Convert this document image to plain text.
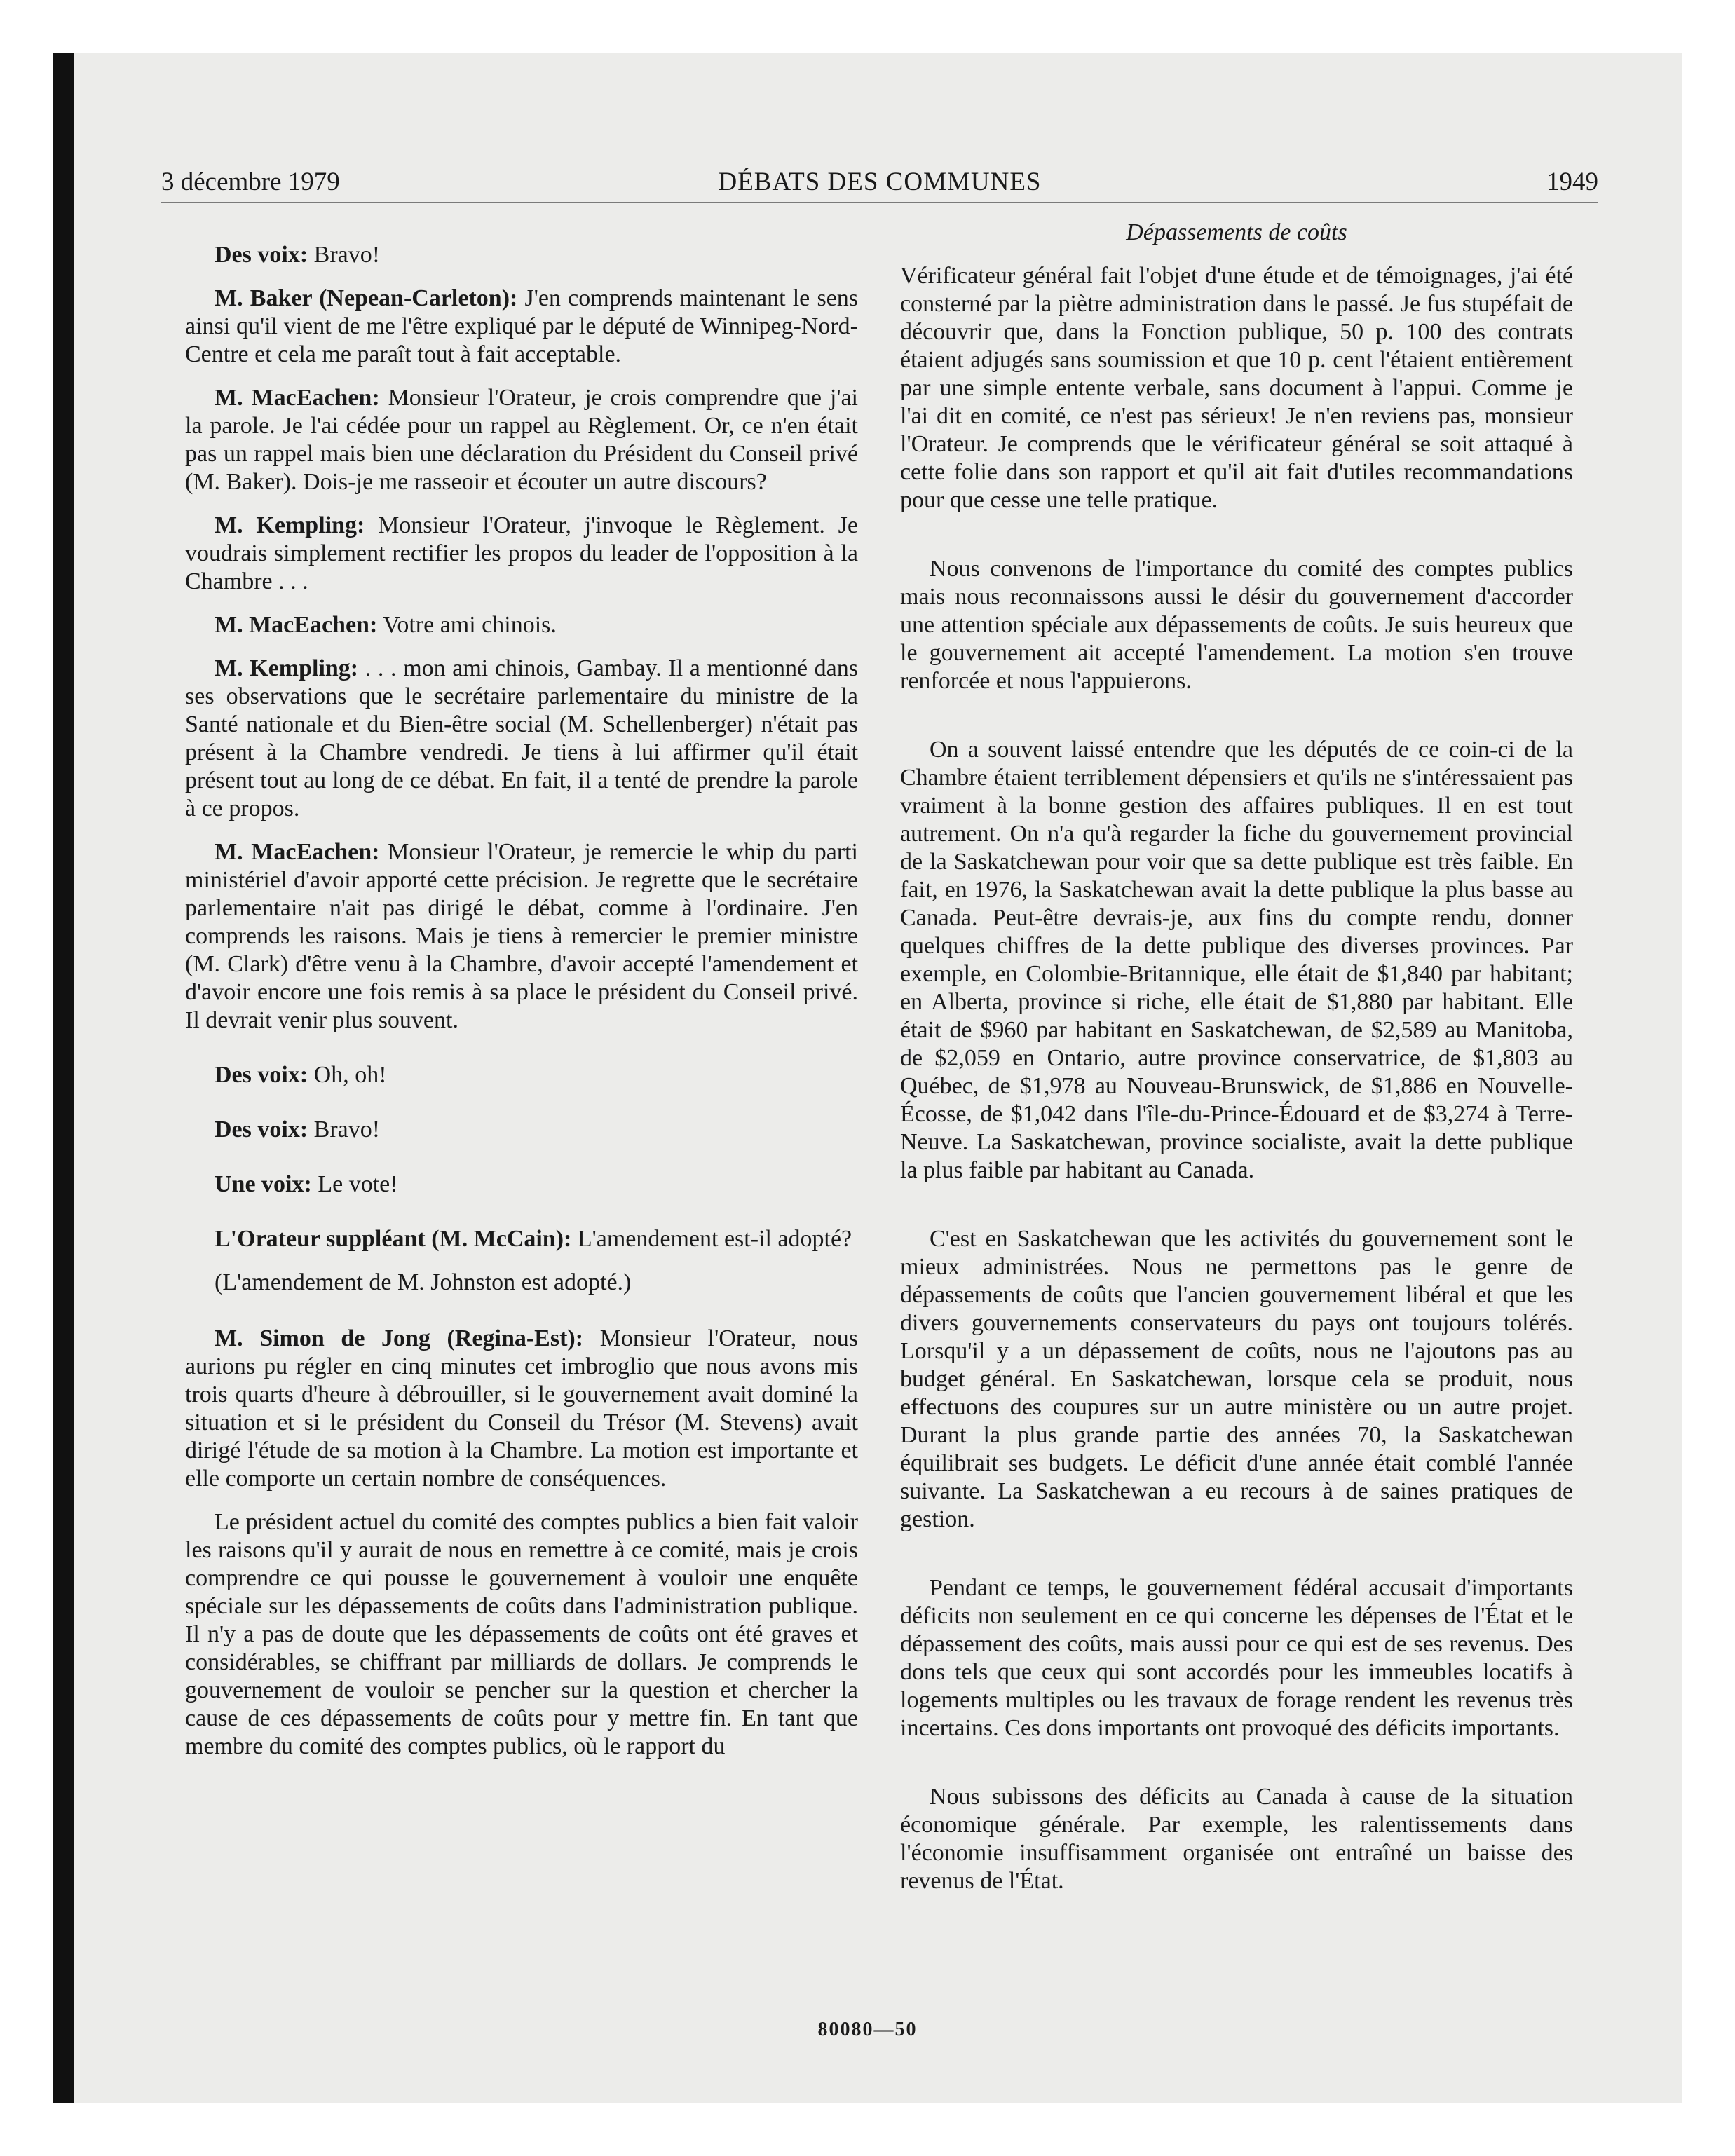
3 décembre 1979	DÉBATS DES COMMUNES	1949

Des voix: Bravo!

M. Baker (Nepean-Carleton): J'en comprends maintenant le sens ainsi qu'il vient de me l'être expliqué par le député de Winnipeg-Nord-Centre et cela me paraît tout à fait acceptable.

M. MacEachen: Monsieur l'Orateur, je crois comprendre que j'ai la parole. Je l'ai cédée pour un rappel au Règlement. Or, ce n'en était pas un rappel mais bien une déclaration du Président du Conseil privé (M. Baker). Dois-je me rasseoir et écouter un autre discours?

M. Kempling: Monsieur l'Orateur, j'invoque le Règlement. Je voudrais simplement rectifier les propos du leader de l'opposition à la Chambre . . .

M. MacEachen: Votre ami chinois.

M. Kempling: . . . mon ami chinois, Gambay. Il a mentionné dans ses observations que le secrétaire parlementaire du ministre de la Santé nationale et du Bien-être social (M. Schellenberger) n'était pas présent à la Chambre vendredi. Je tiens à lui affirmer qu'il était présent tout au long de ce débat. En fait, il a tenté de prendre la parole à ce propos.

M. MacEachen: Monsieur l'Orateur, je remercie le whip du parti ministériel d'avoir apporté cette précision. Je regrette que le secrétaire parlementaire n'ait pas dirigé le débat, comme à l'ordinaire. J'en comprends les raisons. Mais je tiens à remercier le premier ministre (M. Clark) d'être venu à la Chambre, d'avoir accepté l'amendement et d'avoir encore une fois remis à sa place le président du Conseil privé. Il devrait venir plus souvent.

Des voix: Oh, oh!

Des voix: Bravo!

Une voix: Le vote!

L'Orateur suppléant (M. McCain): L'amendement est-il adopté?

(L'amendement de M. Johnston est adopté.)

M. Simon de Jong (Regina-Est): Monsieur l'Orateur, nous aurions pu régler en cinq minutes cet imbroglio que nous avons mis trois quarts d'heure à débrouiller, si le gouvernement avait dominé la situation et si le président du Conseil du Trésor (M. Stevens) avait dirigé l'étude de sa motion à la Chambre. La motion est importante et elle comporte un certain nombre de conséquences.

Le président actuel du comité des comptes publics a bien fait valoir les raisons qu'il y aurait de nous en remettre à ce comité, mais je crois comprendre ce qui pousse le gouvernement à vouloir une enquête spéciale sur les dépassements de coûts dans l'administration publique. Il n'y a pas de doute que les dépassements de coûts ont été graves et considérables, se chiffrant par milliards de dollars. Je comprends le gouvernement de vouloir se pencher sur la question et chercher la cause de ces dépassements de coûts pour y mettre fin. En tant que membre du comité des comptes publics, où le rapport du

Dépassements de coûts

Vérificateur général fait l'objet d'une étude et de témoignages, j'ai été consterné par la piètre administration dans le passé. Je fus stupéfait de découvrir que, dans la Fonction publique, 50 p. 100 des contrats étaient adjugés sans soumission et que 10 p. cent l'étaient entièrement par une simple entente verbale, sans document à l'appui. Comme je l'ai dit en comité, ce n'est pas sérieux! Je n'en reviens pas, monsieur l'Orateur. Je comprends que le vérificateur général se soit attaqué à cette folie dans son rapport et qu'il ait fait d'utiles recommandations pour que cesse une telle pratique.

Nous convenons de l'importance du comité des comptes publics mais nous reconnaissons aussi le désir du gouvernement d'accorder une attention spéciale aux dépassements de coûts. Je suis heureux que le gouvernement ait accepté l'amendement. La motion s'en trouve renforcée et nous l'appuierons.

On a souvent laissé entendre que les députés de ce coin-ci de la Chambre étaient terriblement dépensiers et qu'ils ne s'intéressaient pas vraiment à la bonne gestion des affaires publiques. Il en est tout autrement. On n'a qu'à regarder la fiche du gouvernement provincial de la Saskatchewan pour voir que sa dette publique est très faible. En fait, en 1976, la Saskatchewan avait la dette publique la plus basse au Canada. Peut-être devrais-je, aux fins du compte rendu, donner quelques chiffres de la dette publique des diverses provinces. Par exemple, en Colombie-Britannique, elle était de $1,840 par habitant; en Alberta, province si riche, elle était de $1,880 par habitant. Elle était de $960 par habitant en Saskatchewan, de $2,589 au Manitoba, de $2,059 en Ontario, autre province conservatrice, de $1,803 au Québec, de $1,978 au Nouveau-Brunswick, de $1,886 en Nouvelle-Écosse, de $1,042 dans l'île-du-Prince-Édouard et de $3,274 à Terre-Neuve. La Saskatchewan, province socialiste, avait la dette publique la plus faible par habitant au Canada.

C'est en Saskatchewan que les activités du gouvernement sont le mieux administrées. Nous ne permettons pas le genre de dépassements de coûts que l'ancien gouvernement libéral et que les divers gouvernements conservateurs du pays ont toujours tolérés. Lorsqu'il y a un dépassement de coûts, nous ne l'ajoutons pas au budget général. En Saskatchewan, lorsque cela se produit, nous effectuons des coupures sur un autre ministère ou un autre projet. Durant la plus grande partie des années 70, la Saskatchewan équilibrait ses budgets. Le déficit d'une année était comblé l'année suivante. La Saskatchewan a eu recours à de saines pratiques de gestion.

Pendant ce temps, le gouvernement fédéral accusait d'importants déficits non seulement en ce qui concerne les dépenses de l'État et le dépassement des coûts, mais aussi pour ce qui est de ses revenus. Des dons tels que ceux qui sont accordés pour les immeubles locatifs à logements multiples ou les travaux de forage rendent les revenus très incertains. Ces dons importants ont provoqué des déficits importants.

Nous subissons des déficits au Canada à cause de la situation économique générale. Par exemple, les ralentissements dans l'économie insuffisamment organisée ont entraîné un baisse des revenus de l'État.

80080—50
